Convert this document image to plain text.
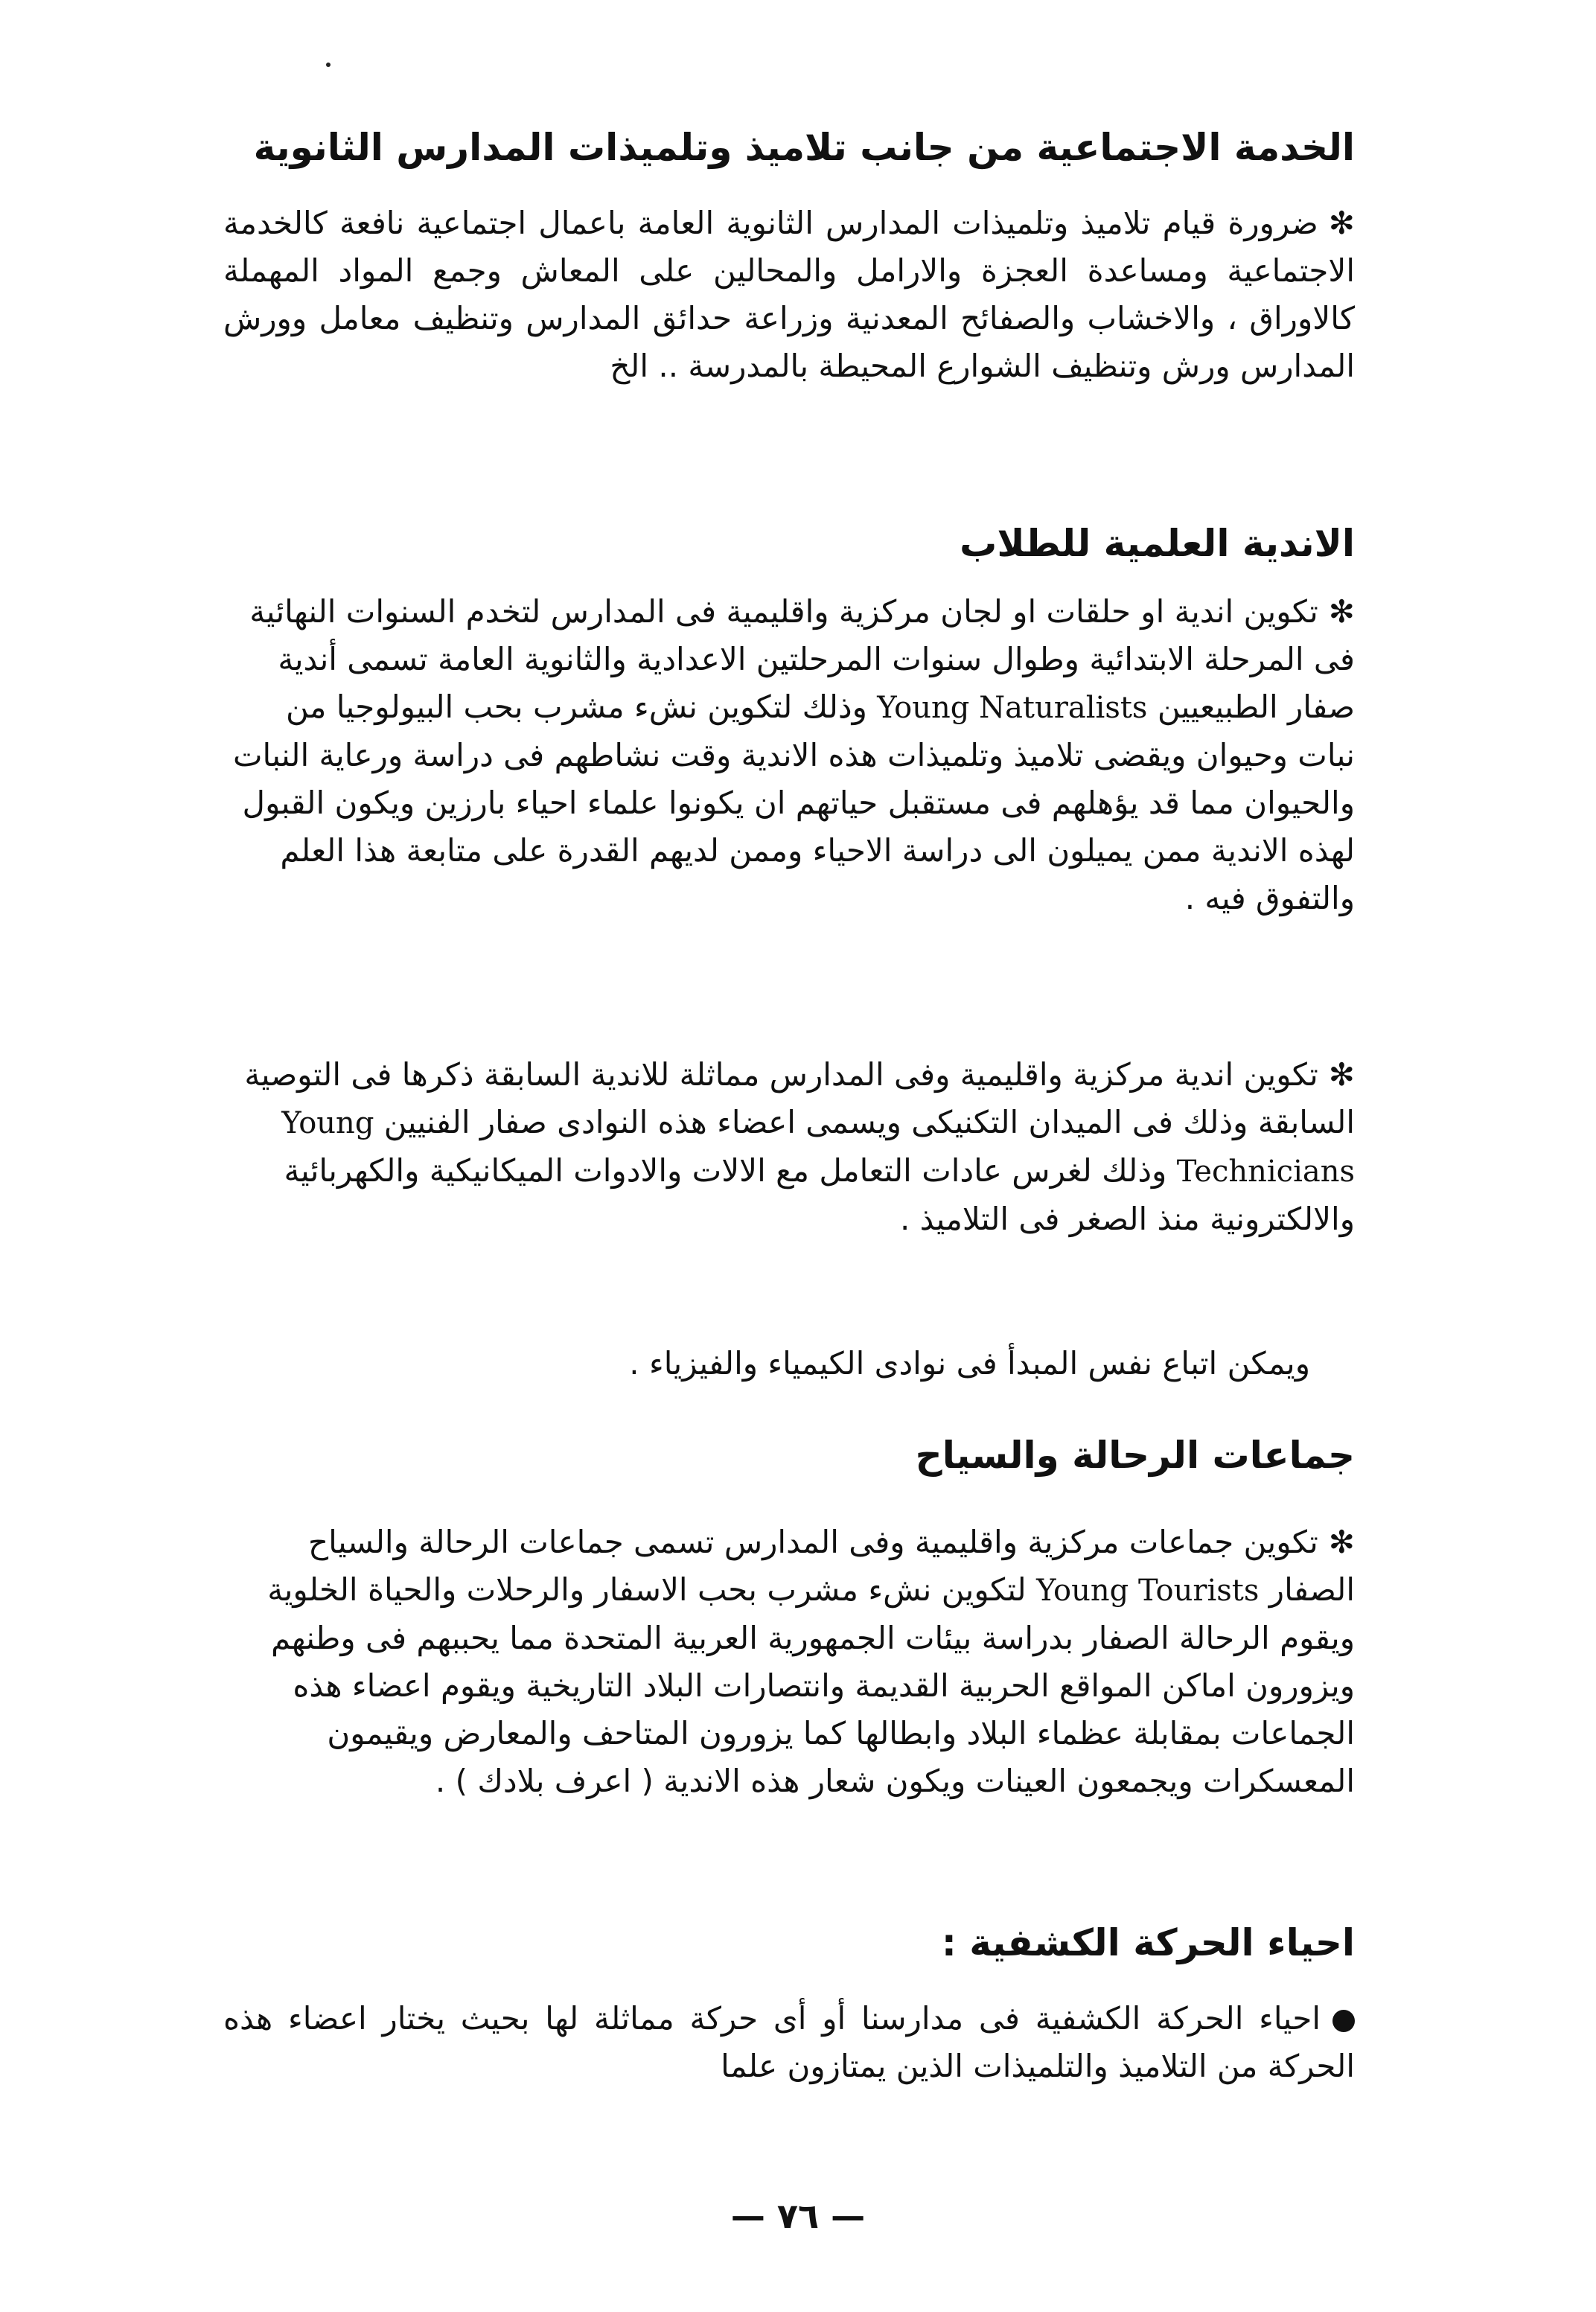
الخدمة الاجتماعية من جانب تلاميذ وتلميذات المدارس الثانوية

✻ضرورة قيام تلاميذ وتلميذات المدارس الثانوية العامة باعمال اجتماعية نافعة كالخدمة الاجتماعية ومساعدة العجزة والارامل والمحالين على المعاش وجمع المواد المهملة كالاوراق ، والاخشاب والصفائح المعدنية وزراعة حدائق المدارس وتنظيف معامل وورش المدارس ورش وتنظيف الشوارع المحيطة بالمدرسة .. الخ

الاندية العلمية للطلاب

✻تكوين اندية او حلقات او لجان مركزية واقليمية فى المدارس لتخدم السنوات النهائية فى المرحلة الابتدائية وطوال سنوات المرحلتين الاعدادية والثانوية العامة تسمى أندية صفار الطبيعيين Young Naturalists وذلك لتكوين نشء مشرب بحب البيولوجيا من نبات وحيوان ويقضى تلاميذ وتلميذات هذه الاندية وقت نشاطهم فى دراسة ورعاية النبات والحيوان مما قد يؤهلهم فى مستقبل حياتهم ان يكونوا علماء احياء بارزين ويكون القبول لهذه الاندية ممن يميلون الى دراسة الاحياء وممن لديهم القدرة على متابعة هذا العلم والتفوق فيه .

✻تكوين اندية مركزية واقليمية وفى المدارس مماثلة للاندية السابقة ذكرها فى التوصية السابقة وذلك فى الميدان التكنيكى ويسمى اعضاء هذه النوادى صفار الفنيين Young Technicians وذلك لغرس عادات التعامل مع الالات والادوات الميكانيكية والكهربائية والالكترونية منذ الصغر فى التلاميذ .

ويمكن اتباع نفس المبدأ فى نوادى الكيمياء والفيزياء .

جماعات الرحالة والسياح

✻تكوين جماعات مركزية واقليمية وفى المدارس تسمى جماعات الرحالة والسياح الصفار Young Tourists لتكوين نشء مشرب بحب الاسفار والرحلات والحياة الخلوية ويقوم الرحالة الصفار بدراسة بيئات الجمهورية العربية المتحدة مما يحببهم فى وطنهم ويزورون اماكن المواقع الحربية القديمة وانتصارات البلاد التاريخية ويقوم اعضاء هذه الجماعات بمقابلة عظماء البلاد وابطالها كما يزورون المتاحف والمعارض ويقيمون المعسكرات ويجمعون العينات ويكون شعار هذه الاندية ( اعرف بلادك ) .

احياء الحركة الكشفية :

احياء الحركة الكشفية فى مدارسنا أو أى حركة مماثلة لها بحيث يختار اعضاء هذه الحركة من التلاميذ والتلميذات الذين يمتازون علما

— ٧٦ —
